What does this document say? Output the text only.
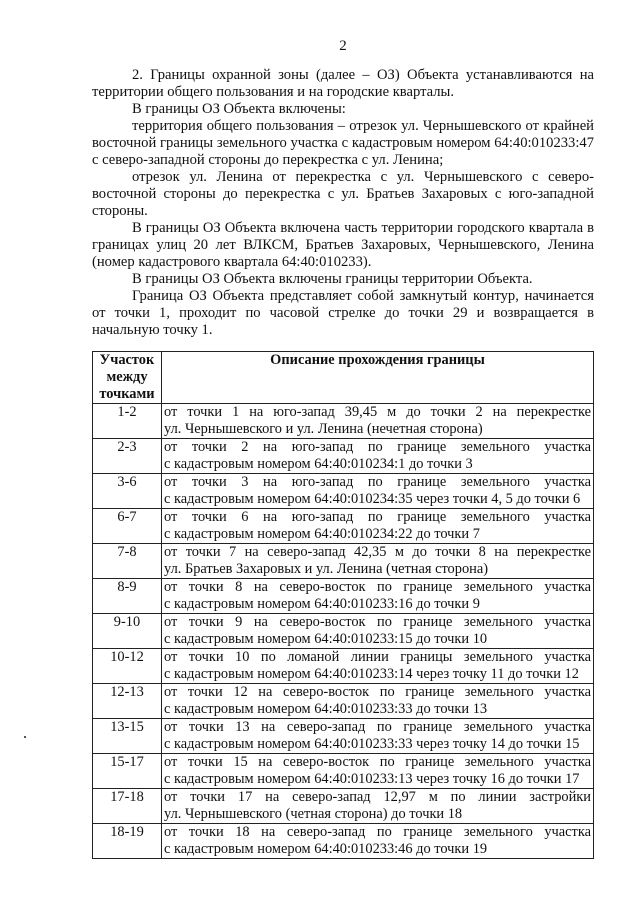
2

2. Границы охранной зоны (далее – ОЗ) Объекта устанавливаются на территории общего пользования и на городские кварталы.

В границы ОЗ Объекта включены:

территория общего пользования – отрезок ул. Чернышевского от крайней восточной границы земельного участка с кадастровым номером 64:40:010233:47 с северо-западной стороны до перекрестка с ул. Ленина;

отрезок ул. Ленина от перекрестка с ул. Чернышевского с северо-восточной стороны до перекрестка с ул. Братьев Захаровых с юго-западной стороны.

В границы ОЗ Объекта включена часть территории городского квартала в границах улиц 20 лет ВЛКСМ, Братьев Захаровых, Чернышевского, Ленина (номер кадастрового квартала 64:40:010233).

В границы ОЗ Объекта включены границы территории Объекта.

Граница ОЗ Объекта представляет собой замкнутый контур, начинается от точки 1, проходит по часовой стрелке до точки 29 и возвращается в начальную точку 1.

Участок между точками	Описание прохождения границы
1-2	от точки 1 на юго-запад 39,45 м до точки 2 на перекрестке
ул. Чернышевского и ул. Ленина (нечетная сторона)

2-3	от точки 2 на юго-запад по границе земельного участка
с кадастровым номером 64:40:010234:1 до точки 3

3-6	от точки 3 на юго-запад по границе земельного участка
с кадастровым номером 64:40:010234:35 через точки 4, 5 до точки 6

6-7	от точки 6 на юго-запад по границе земельного участка
с кадастровым номером 64:40:010234:22 до точки 7

7-8	от точки 7 на северо-запад 42,35 м до точки 8 на перекрестке
ул. Братьев Захаровых и ул. Ленина (четная сторона)

8-9	от точки 8 на северо-восток по границе земельного участка
с кадастровым номером 64:40:010233:16 до точки 9

9-10	от точки 9 на северо-восток по границе земельного участка
с кадастровым номером 64:40:010233:15 до точки 10

10-12	от точки 10 по ломаной линии границы земельного участка
с кадастровым номером 64:40:010233:14 через точку 11 до точки 12

12-13	от точки 12 на северо-восток по границе земельного участка
с кадастровым номером 64:40:010233:33 до точки 13

13-15	от точки 13 на северо-запад по границе земельного участка
с кадастровым номером 64:40:010233:33 через точку 14 до точки 15

15-17	от точки 15 на северо-восток по границе земельного участка
с кадастровым номером 64:40:010233:13 через точку 16 до точки 17

17-18	от точки 17 на северо-запад 12,97 м по линии застройки
ул. Чернышевского (четная сторона) до точки 18

18-19	от точки 18 на северо-запад по границе земельного участка
с кадастровым номером 64:40:010233:46 до точки 19
